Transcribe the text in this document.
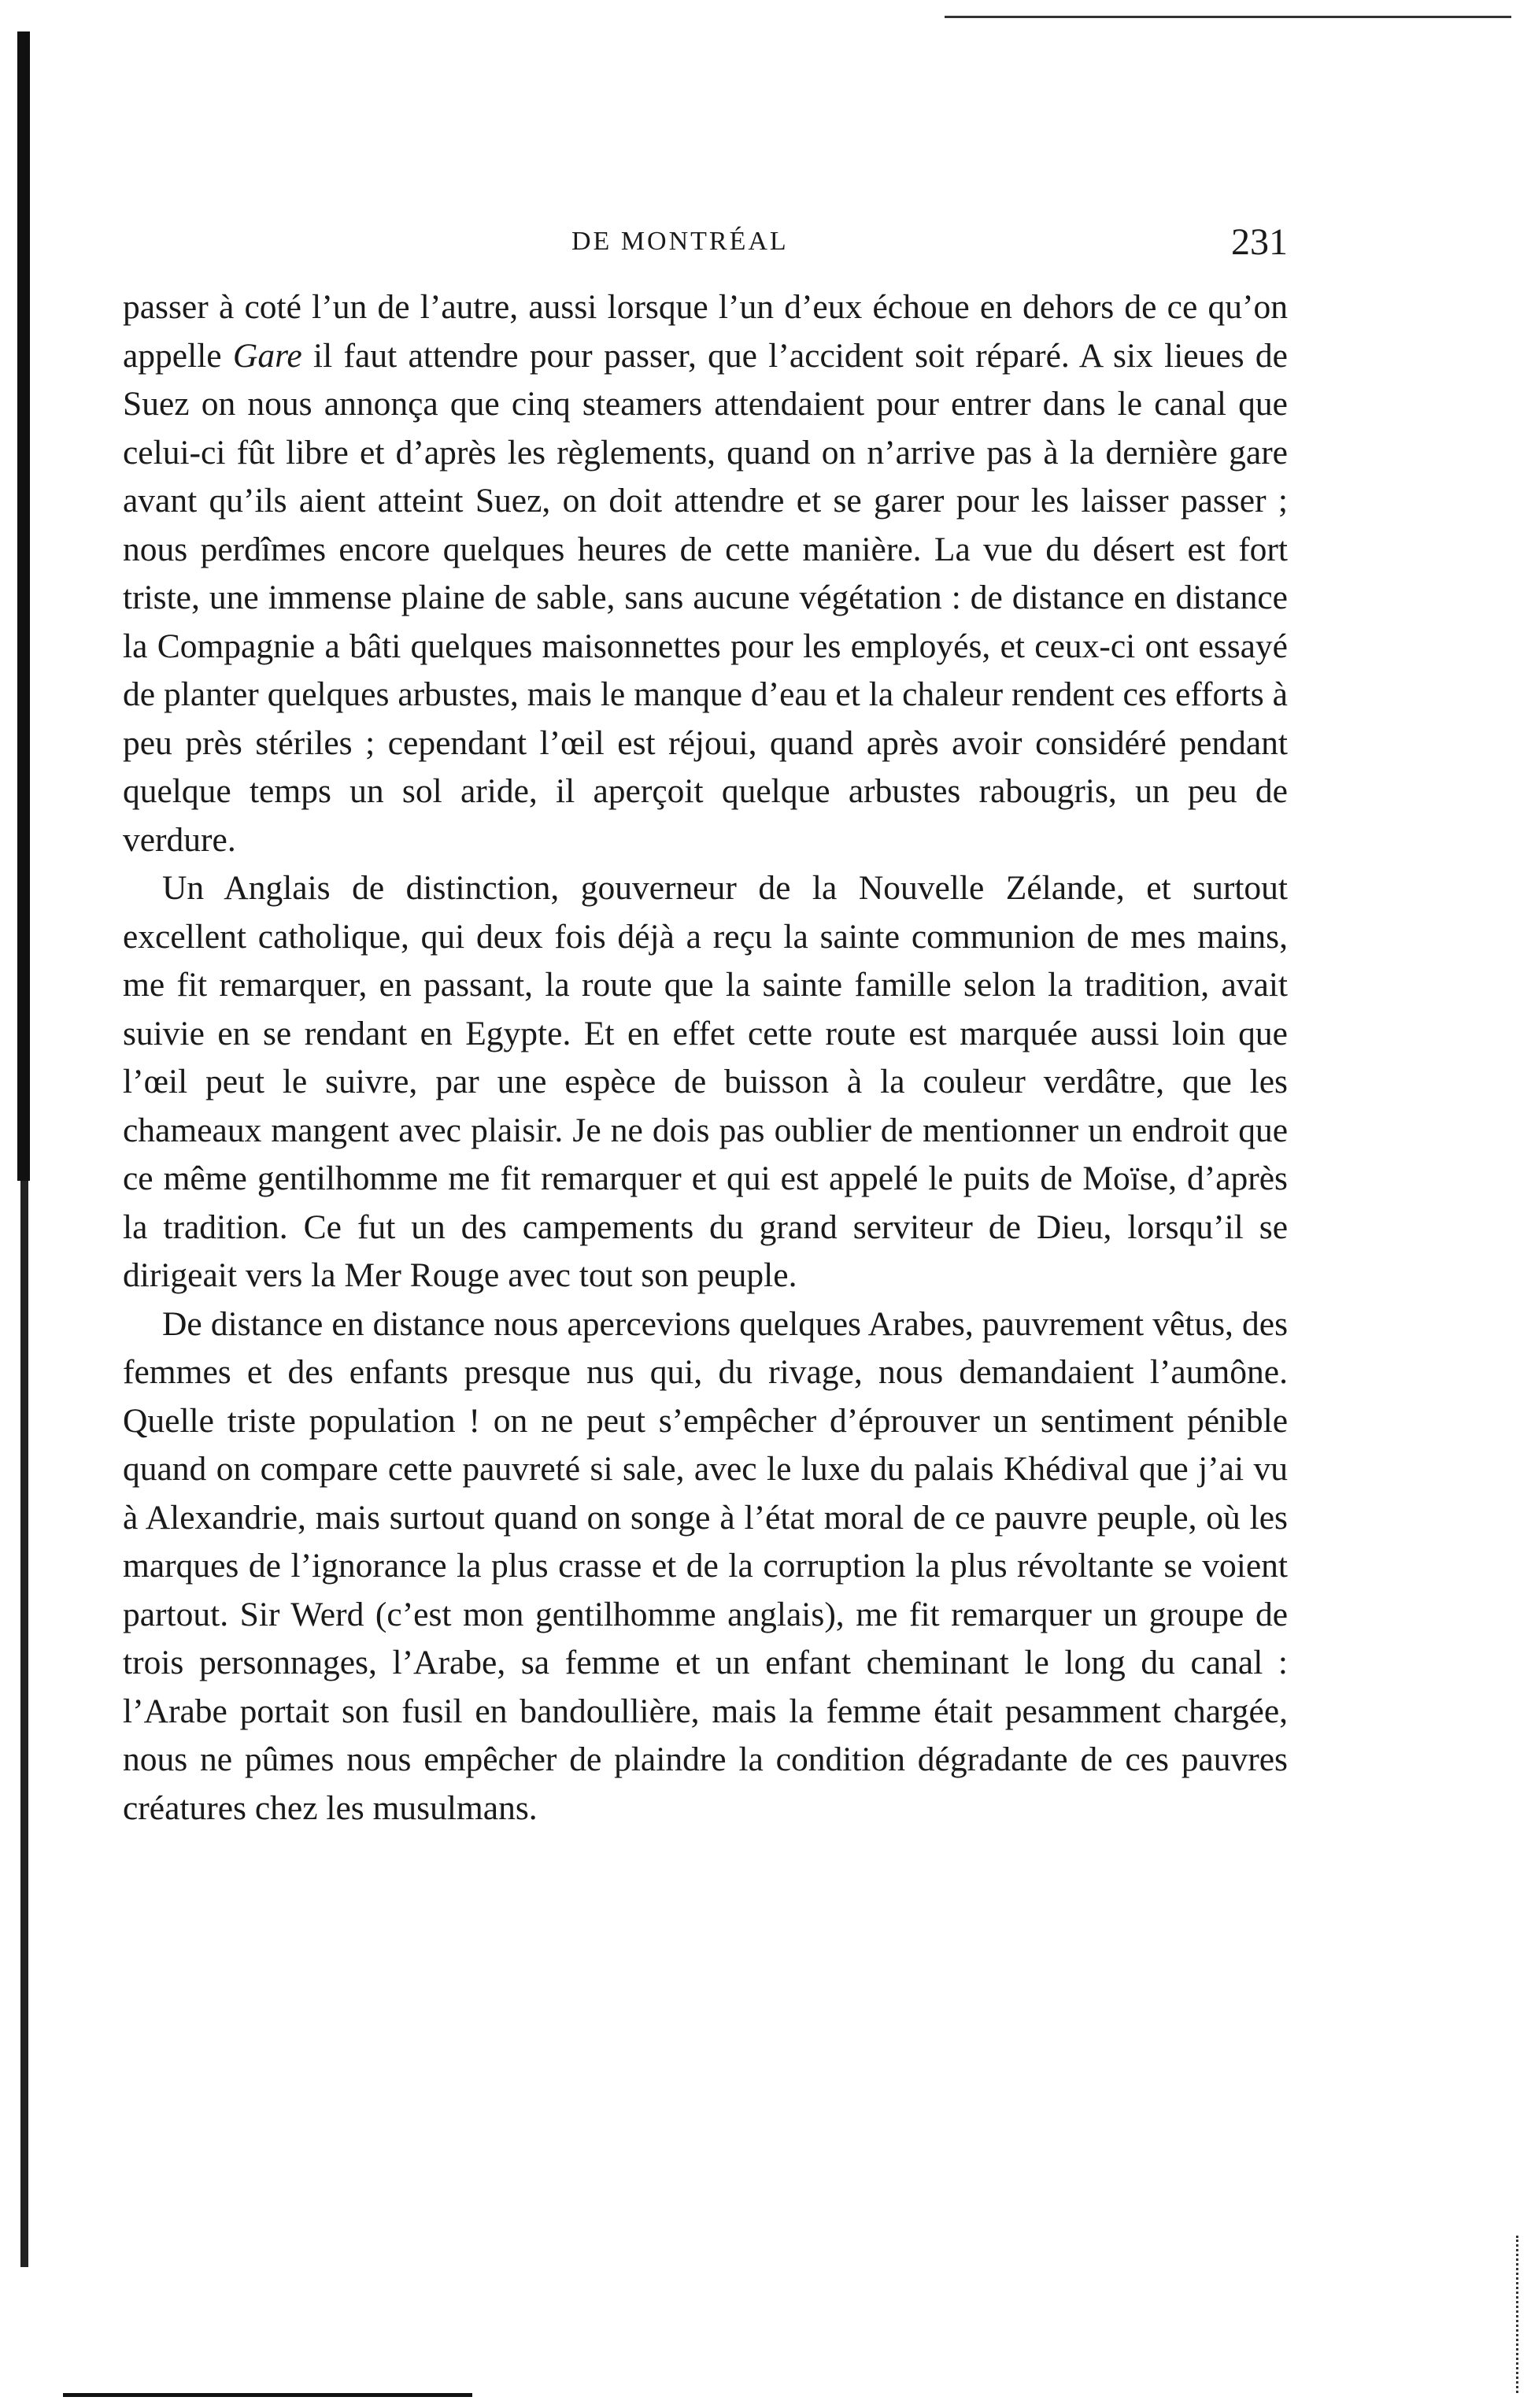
DE MONTRÉAL	231

passer à coté l’un de l’autre, aussi lorsque l’un d’eux échoue en dehors de ce qu’on appelle Gare il faut attendre pour passer, que l’accident soit réparé. A six lieues de Suez on nous annonça que cinq steamers attendaient pour entrer dans le canal que celui-ci fût libre et d’après les règlements, quand on n’arrive pas à la dernière gare avant qu’ils aient atteint Suez, on doit attendre et se garer pour les laisser passer ; nous perdîmes encore quelques heures de cette manière. La vue du désert est fort triste, une immense plaine de sable, sans aucune végétation : de distance en distance la Compagnie a bâti quelques maisonnettes pour les employés, et ceux-ci ont essayé de planter quelques arbustes, mais le manque d’eau et la chaleur rendent ces efforts à peu près stériles ; cependant l’œil est réjoui, quand après avoir considéré pendant quelque temps un sol aride, il aperçoit quelque arbustes rabougris, un peu de verdure.

Un Anglais de distinction, gouverneur de la Nouvelle Zélande, et surtout excellent catholique, qui deux fois déjà a reçu la sainte communion de mes mains, me fit remarquer, en passant, la route que la sainte famille selon la tradition, avait suivie en se rendant en Egypte. Et en effet cette route est marquée aussi loin que l’œil peut le suivre, par une espèce de buisson à la couleur verdâtre, que les chameaux mangent avec plaisir. Je ne dois pas oublier de mentionner un endroit que ce même gentilhomme me fit remarquer et qui est appelé le puits de Moïse, d’après la tradition. Ce fut un des campements du grand serviteur de Dieu, lorsqu’il se dirigeait vers la Mer Rouge avec tout son peuple.

De distance en distance nous apercevions quelques Arabes, pauvrement vêtus, des femmes et des enfants presque nus qui, du rivage, nous demandaient l’aumône. Quelle triste population ! on ne peut s’empêcher d’éprouver un sentiment pénible quand on compare cette pauvreté si sale, avec le luxe du palais Khédival que j’ai vu à Alexandrie, mais surtout quand on songe à l’état moral de ce pauvre peuple, où les marques de l’ignorance la plus crasse et de la corruption la plus révoltante se voient partout. Sir Werd (c’est mon gentilhomme anglais), me fit remarquer un groupe de trois personnages, l’Arabe, sa femme et un enfant cheminant le long du canal : l’Arabe portait son fusil en bandoullière, mais la femme était pesamment chargée, nous ne pûmes nous empêcher de plaindre la condition dégradante de ces pauvres créatures chez les musulmans.
